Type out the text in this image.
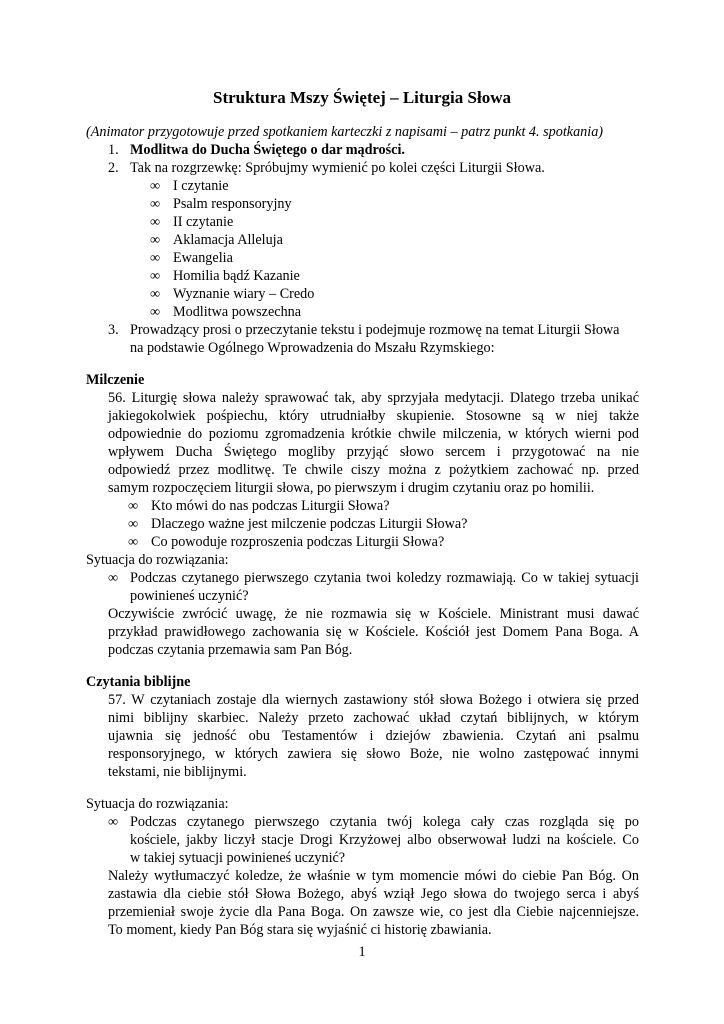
Struktura Mszy Świętej – Liturgia Słowa
(Animator przygotowuje przed spotkaniem karteczki z napisami – patrz punkt 4. spotkania)
1. Modlitwa do Ducha Świętego o dar mądrości.
2. Tak na rozgrzewkę: Spróbujmy wymienić po kolei części Liturgii Słowa.
∞ I czytanie
∞ Psalm responsoryjny
∞ II czytanie
∞ Aklamacja Alleluja
∞ Ewangelia
∞ Homilia bądź Kazanie
∞ Wyznanie wiary – Credo
∞ Modlitwa powszechna
3. Prowadzący prosi o przeczytanie tekstu i podejmuje rozmowę na temat Liturgii Słowa
na podstawie Ogólnego Wprowadzenia do Mszału Rzymskiego:
Milczenie
56. Liturgię słowa należy sprawować tak, aby sprzyjała medytacji. Dlatego trzeba unikać
jakiegokolwiek pośpiechu, który utrudniałby skupienie. Stosowne są w niej także
odpowiednie do poziomu zgromadzenia krótkie chwile milczenia, w których wierni pod
wpływem Ducha Świętego mogliby przyjąć słowo sercem i przygotować na nie
odpowiedź przez modlitwę. Te chwile ciszy można z pożytkiem zachować np. przed
samym rozpoczęciem liturgii słowa, po pierwszym i drugim czytaniu oraz po homilii.
∞ Kto mówi do nas podczas Liturgii Słowa?
∞ Dlaczego ważne jest milczenie podczas Liturgii Słowa?
∞ Co powoduje rozproszenia podczas Liturgii Słowa?
Sytuacja do rozwiązania:
∞ Podczas czytanego pierwszego czytania twoi koledzy rozmawiają. Co w takiej sytuacji
powinieneś uczynić?
Oczywiście zwrócić uwagę, że nie rozmawia się w Kościele. Ministrant musi dawać
przykład prawidłowego zachowania się w Kościele. Kościół jest Domem Pana Boga. A
podczas czytania przemawia sam Pan Bóg.
Czytania biblijne
57. W czytaniach zostaje dla wiernych zastawiony stół słowa Bożego i otwiera się przed
nimi biblijny skarbiec. Należy przeto zachować układ czytań biblijnych, w którym
ujawnia się jedność obu Testamentów i dziejów zbawienia. Czytań ani psalmu
responsoryjnego, w których zawiera się słowo Boże, nie wolno zastępować innymi
tekstami, nie biblijnymi.
Sytuacja do rozwiązania:
∞ Podczas czytanego pierwszego czytania twój kolega cały czas rozgląda się po
kościele, jakby liczył stacje Drogi Krzyżowej albo obserwował ludzi na kościele. Co
w takiej sytuacji powinieneś uczynić?
Należy wytłumaczyć koledze, że właśnie w tym momencie mówi do ciebie Pan Bóg. On
zastawia dla ciebie stół Słowa Bożego, abyś wziął Jego słowa do twojego serca i abyś
przemieniał swoje życie dla Pana Boga. On zawsze wie, co jest dla Ciebie najcenniejsze.
To moment, kiedy Pan Bóg stara się wyjaśnić ci historię zbawiania.
1
